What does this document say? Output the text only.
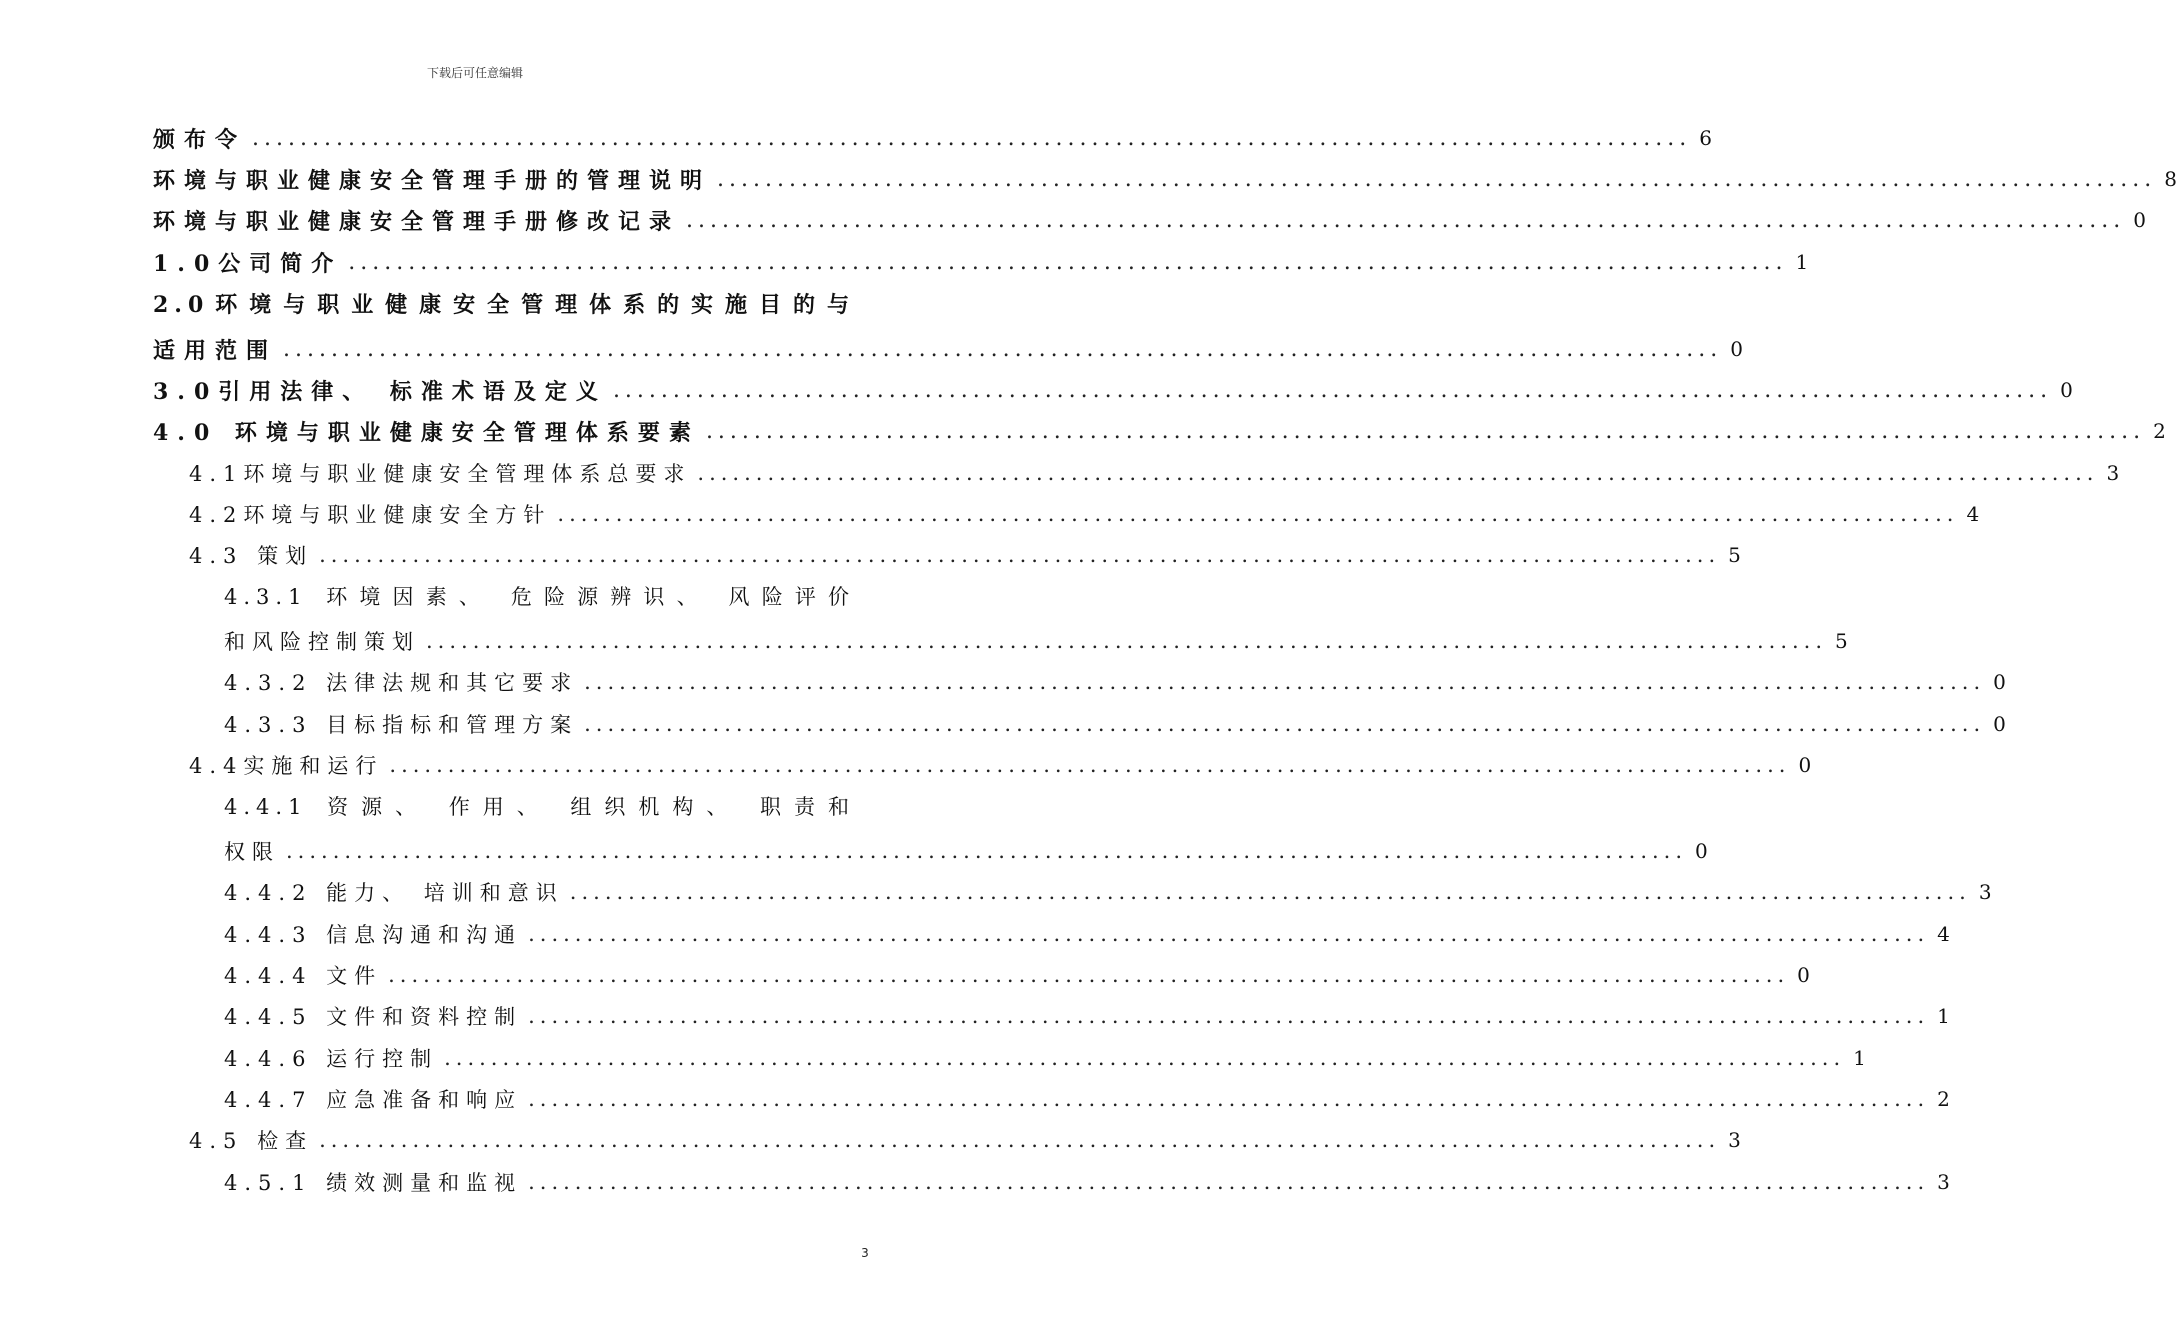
下载后可任意编辑
颁布令 ........................................................................................................................ 6
环境与职业健康安全管理手册的管理说明 ........................................................................................................................ 8
环境与职业健康安全管理手册修改记录 ........................................................................................................................ 0
1.0公司简介 ........................................................................................................................ 1
2.0环境与职业健康安全管理体系的实施目的与
适用范围 ........................................................................................................................ 0
3.0引用法律、 标准术语及定义 ........................................................................................................................ 0
4.0 环境与职业健康安全管理体系要素 ........................................................................................................................ 2
4.1环境与职业健康安全管理体系总要求 ........................................................................................................................ 3
4.2环境与职业健康安全方针 ........................................................................................................................ 4
4.3 策划 ........................................................................................................................ 5
4.3.1 环境因素、 危险源辨识、 风险评价
和风险控制策划 ........................................................................................................................ 5
4.3.2 法律法规和其它要求 ........................................................................................................................ 0
4.3.3 目标指标和管理方案 ........................................................................................................................ 0
4.4实施和运行 ........................................................................................................................ 0
4.4.1 资源、 作用、 组织机构、 职责和
权限 ........................................................................................................................ 0
4.4.2 能力、 培训和意识 ........................................................................................................................ 3
4.4.3 信息沟通和沟通 ........................................................................................................................ 4
4.4.4 文件 ........................................................................................................................ 0
4.4.5 文件和资料控制 ........................................................................................................................ 1
4.4.6 运行控制 ........................................................................................................................ 1
4.4.7 应急准备和响应 ........................................................................................................................ 2
4.5 检查 ........................................................................................................................ 3
4.5.1 绩效测量和监视 ........................................................................................................................ 3
3
